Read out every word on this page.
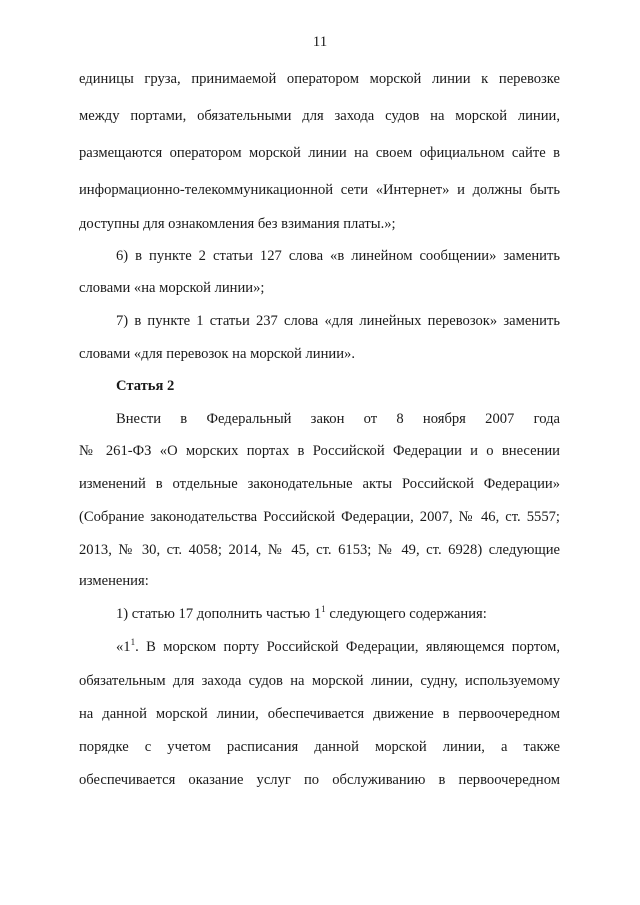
11
единицы груза, принимаемой оператором морской линии к перевозке
между портами, обязательными для захода судов на морской линии,
размещаются оператором морской линии на своем официальном сайте в
информационно-телекоммуникационной сети «Интернет» и должны быть
доступны для ознакомления без взимания платы.»;
6) в пункте 2 статьи 127 слова «в линейном сообщении» заменить
словами «на морской линии»;
7) в пункте 1 статьи 237 слова «для линейных перевозок» заменить
словами «для перевозок на морской линии».
Статья 2
Внести в Федеральный закон от 8 ноября 2007 года
№ 261-ФЗ «О морских портах в Российской Федерации и о внесении
изменений в отдельные законодательные акты Российской Федерации»
(Собрание законодательства Российской Федерации, 2007, № 46, ст. 5557;
2013, № 30, ст. 4058; 2014, № 45, ст. 6153; № 49, ст. 6928) следующие
изменения:
1) статью 17 дополнить частью $1^1$ следующего содержания:
«$1^1$. В морском порту Российской Федерации, являющемся портом,
обязательным для захода судов на морской линии, судну, используемому
на данной морской линии, обеспечивается движение в первоочередном
порядке с учетом расписания данной морской линии, а также
обеспечивается оказание услуг по обслуживанию в первоочередном
